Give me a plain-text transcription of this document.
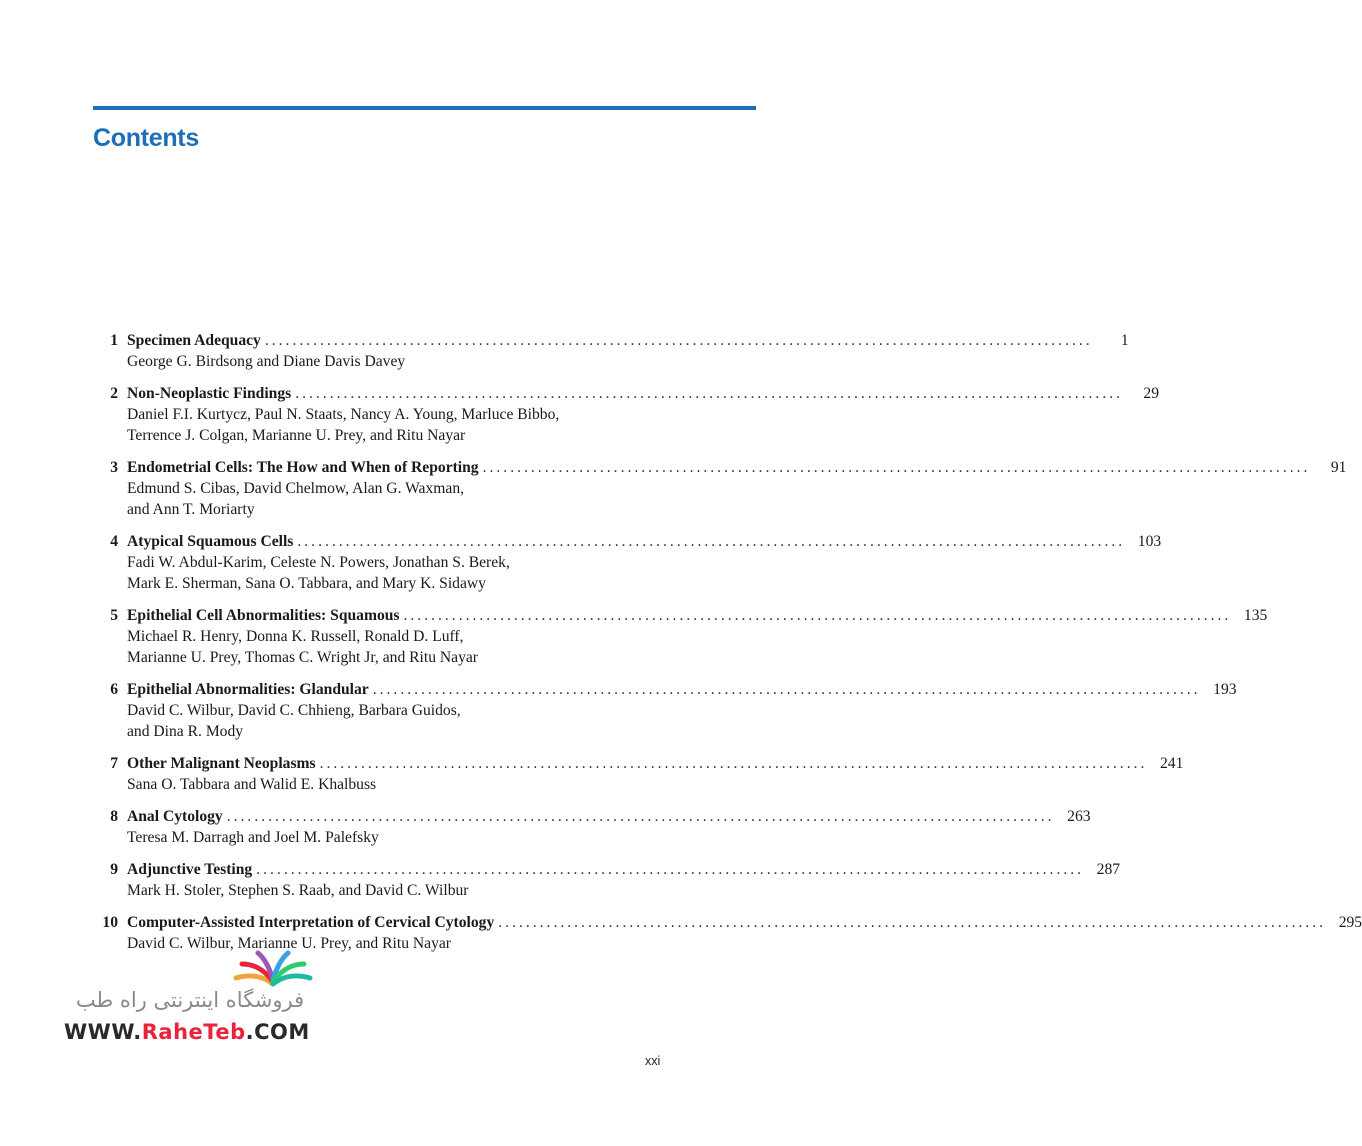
Contents
1 Specimen Adequacy ........................................................................................................................	1
George G. Birdsong and Diane Davis Davey
2 Non-Neoplastic Findings ........................................................................................................................	29
Daniel F.I. Kurtycz, Paul N. Staats, Nancy A. Young, Marluce Bibbo,
Terrence J. Colgan, Marianne U. Prey, and Ritu Nayar
3 Endometrial Cells: The How and When of Reporting ........................................................................................................................	91
Edmund S. Cibas, David Chelmow, Alan G. Waxman,
and Ann T. Moriarty
4 Atypical Squamous Cells ........................................................................................................................ 103
Fadi W. Abdul-Karim, Celeste N. Powers, Jonathan S. Berek,
Mark E. Sherman, Sana O. Tabbara, and Mary K. Sidawy
5 Epithelial Cell Abnormalities: Squamous ........................................................................................................................ 135
Michael R. Henry, Donna K. Russell, Ronald D. Luff,
Marianne U. Prey, Thomas C. Wright Jr, and Ritu Nayar
6 Epithelial Abnormalities: Glandular ........................................................................................................................ 193
David C. Wilbur, David C. Chhieng, Barbara Guidos,
and Dina R. Mody
7 Other Malignant Neoplasms ........................................................................................................................ 241
Sana O. Tabbara and Walid E. Khalbuss
8 Anal Cytology ........................................................................................................................ 263
Teresa M. Darragh and Joel M. Palefsky
9 Adjunctive Testing ........................................................................................................................ 287
Mark H. Stoler, Stephen S. Raab, and David C. Wilbur
10 Computer-Assisted Interpretation of Cervical Cytology ........................................................................................................................ 295
David C. Wilbur, Marianne U. Prey, and Ritu Nayar
فروشگاه اینترنتی راه طب
WWW.RaheTeb.COM
xxi
